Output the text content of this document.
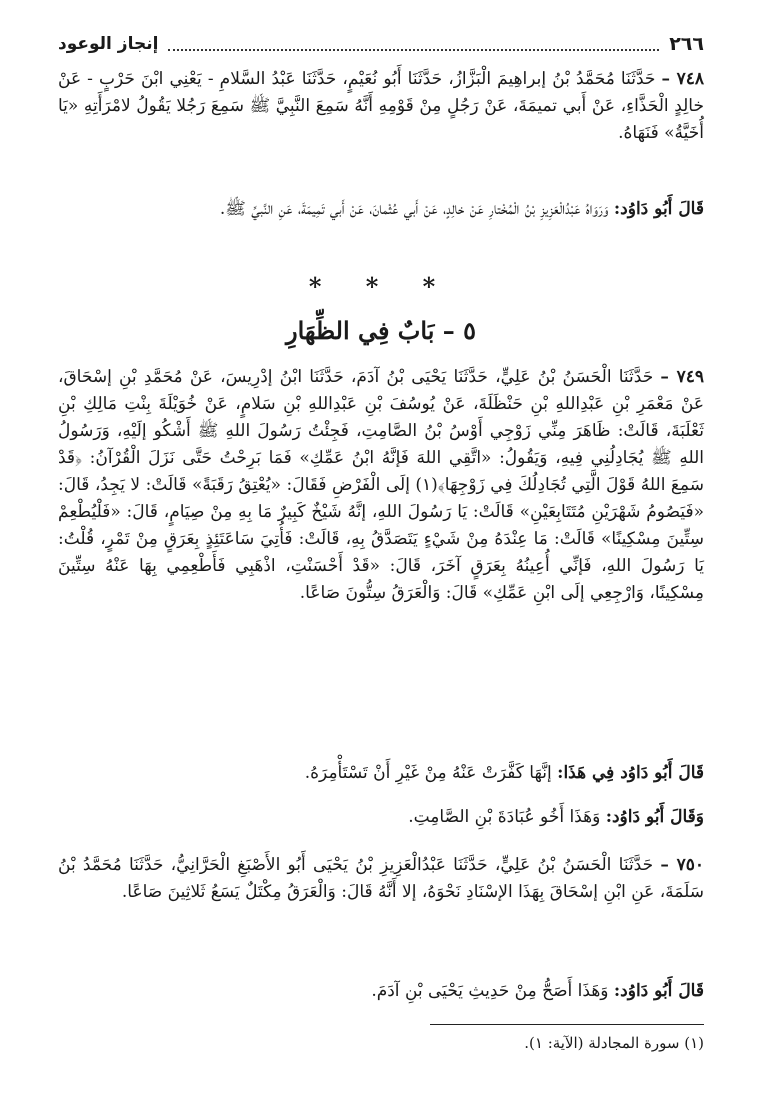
٢٦٦
إنجاز الوعود

٧٤٨ – حَدَّثَنَا مُحَمَّدُ بْنُ إبراهِيمَ الْبَزَّازُ، حَدَّثَنَا أَبُو نُعَيْمٍ، حَدَّثَنَا عَبْدُ السَّلامِ - يَعْنِي ابْنَ حَرْبٍ - عَنْ خالِدٍ الْحَذَّاءِ، عَنْ أَبي تميمَةَ، عَنْ رَجُلٍ مِنْ قَوْمِهِ أَنَّهُ سَمِعَ النَّبِيَّ ﷺ سَمِعَ رَجُلا يَقُولُ لامْرَأَتِهِ «يَا أُخَيَّةُ» فَنَهَاهُ.

قَالَ أَبُو دَاوُد: وَرَوَاهُ عَبْدُالْعَزِيزِ بْنُ الْمُخْتارِ عَنْ خالِدٍ، عَنْ أَبي عُثْمانَ، عَنْ أَبي تَمِيمَةَ، عَنِ النَّبيِّ ﷺ.

* * *
٥ – بَابٌ فِي الظِّهَارِ

٧٤٩ – حَدَّثَنَا الْحَسَنُ بْنُ عَلِيٍّ، حَدَّثَنَا يَحْيَى بْنُ آدَمَ، حَدَّثَنَا ابْنُ إدْرِيسَ، عَنْ مُحَمَّدِ بْنِ إسْحَاقَ، عَنْ مَعْمَرِ بْنِ عَبْدِاللهِ بْنِ حَنْظَلَةَ، عَنْ يُوسُفَ بْنِ عَبْدِاللهِ بْنِ سَلامٍ، عَنْ خُوَيْلَةَ بِنْتِ مَالِكِ بْنِ ثَعْلَبَةَ، قَالَتْ: ظَاهَرَ مِنِّي زَوْجِي أَوْسُ بْنُ الصَّامِتِ، فَجِئْتُ رَسُولَ اللهِ ﷺ أَشْكُو إلَيْهِ، وَرَسُولُ اللهِ ﷺ يُجَادِلُنِي فِيهِ، وَيَقُولُ: «اتَّقِي اللهَ فَإنَّهُ ابْنُ عَمِّكِ» فَمَا بَرِحْتُ حَتَّى نَزَلَ الْقُرْآنُ: ﴿قَدْ سَمِعَ اللهُ قَوْلَ الَّتِي تُجَادِلُكَ فِي زَوْجِهَا﴾(١) إلَى الْفَرْضِ فَقَالَ: «يُعْتِقُ رَقَبَةً» قَالَتْ: لا يَجِدُ، قَالَ: «فَيَصُومُ شَهْرَيْنِ مُتَتَابِعَيْنِ» قَالَتْ: يَا رَسُولَ اللهِ، إنَّهُ شَيْخٌ كَبِيرٌ مَا بِهِ مِنْ صِيَامٍ، قَالَ: «فَلْيُطْعِمْ سِتِّينَ مِسْكِينًا» قَالَتْ: مَا عِنْدَهُ مِنْ شَيْءٍ يَتَصَدَّقُ بِهِ، قَالَتْ: فَأُتِيَ سَاعَتَئِذٍ بِعَرَقٍ مِنْ تَمْرٍ، قُلْتُ: يَا رَسُولَ اللهِ، فَإنِّي أُعِينُهُ بِعَرَقٍ آخَرَ، قَالَ: «قَدْ أَحْسَنْتِ، اذْهَبِي فَأَطْعِمِي بِهَا عَنْهُ سِتِّينَ مِسْكِينًا، وَارْجِعِي إلَى ابْنِ عَمِّكِ» قَالَ: وَالْعَرَقُ سِتُّونَ صَاعًا.

قَالَ أَبُو دَاوُد فِي هَذَا: إنَّهَا كَفَّرَتْ عَنْهُ مِنْ غَيْرِ أَنْ تَسْتَأْمِرَهُ.

وَقَالَ أَبُو دَاوُد: وَهَذَا أَخُو عُبَادَةَ بْنِ الصَّامِتِ.

٧٥٠ – حَدَّثَنَا الْحَسَنُ بْنُ عَلِيٍّ، حَدَّثَنَا عَبْدُالْعَزِيزِ بْنُ يَحْيَى أَبُو الأَصْبَغِ الْحَرَّانِيُّ، حَدَّثَنَا مُحَمَّدُ بْنُ سَلَمَةَ، عَنِ ابْنِ إسْحَاقَ بِهَذَا الإسْنَادِ نَحْوَهُ، إلا أَنَّهُ قَالَ: وَالْعَرَقُ مِكْتَلٌ يَسَعُ ثَلاثِينَ صَاعًا.

قَالَ أَبُو دَاوُد: وَهَذَا أَصَحُّ مِنْ حَدِيثِ يَحْيَى بْنِ آدَمَ.

(١) سورة المجادلة (الآية: ١).
